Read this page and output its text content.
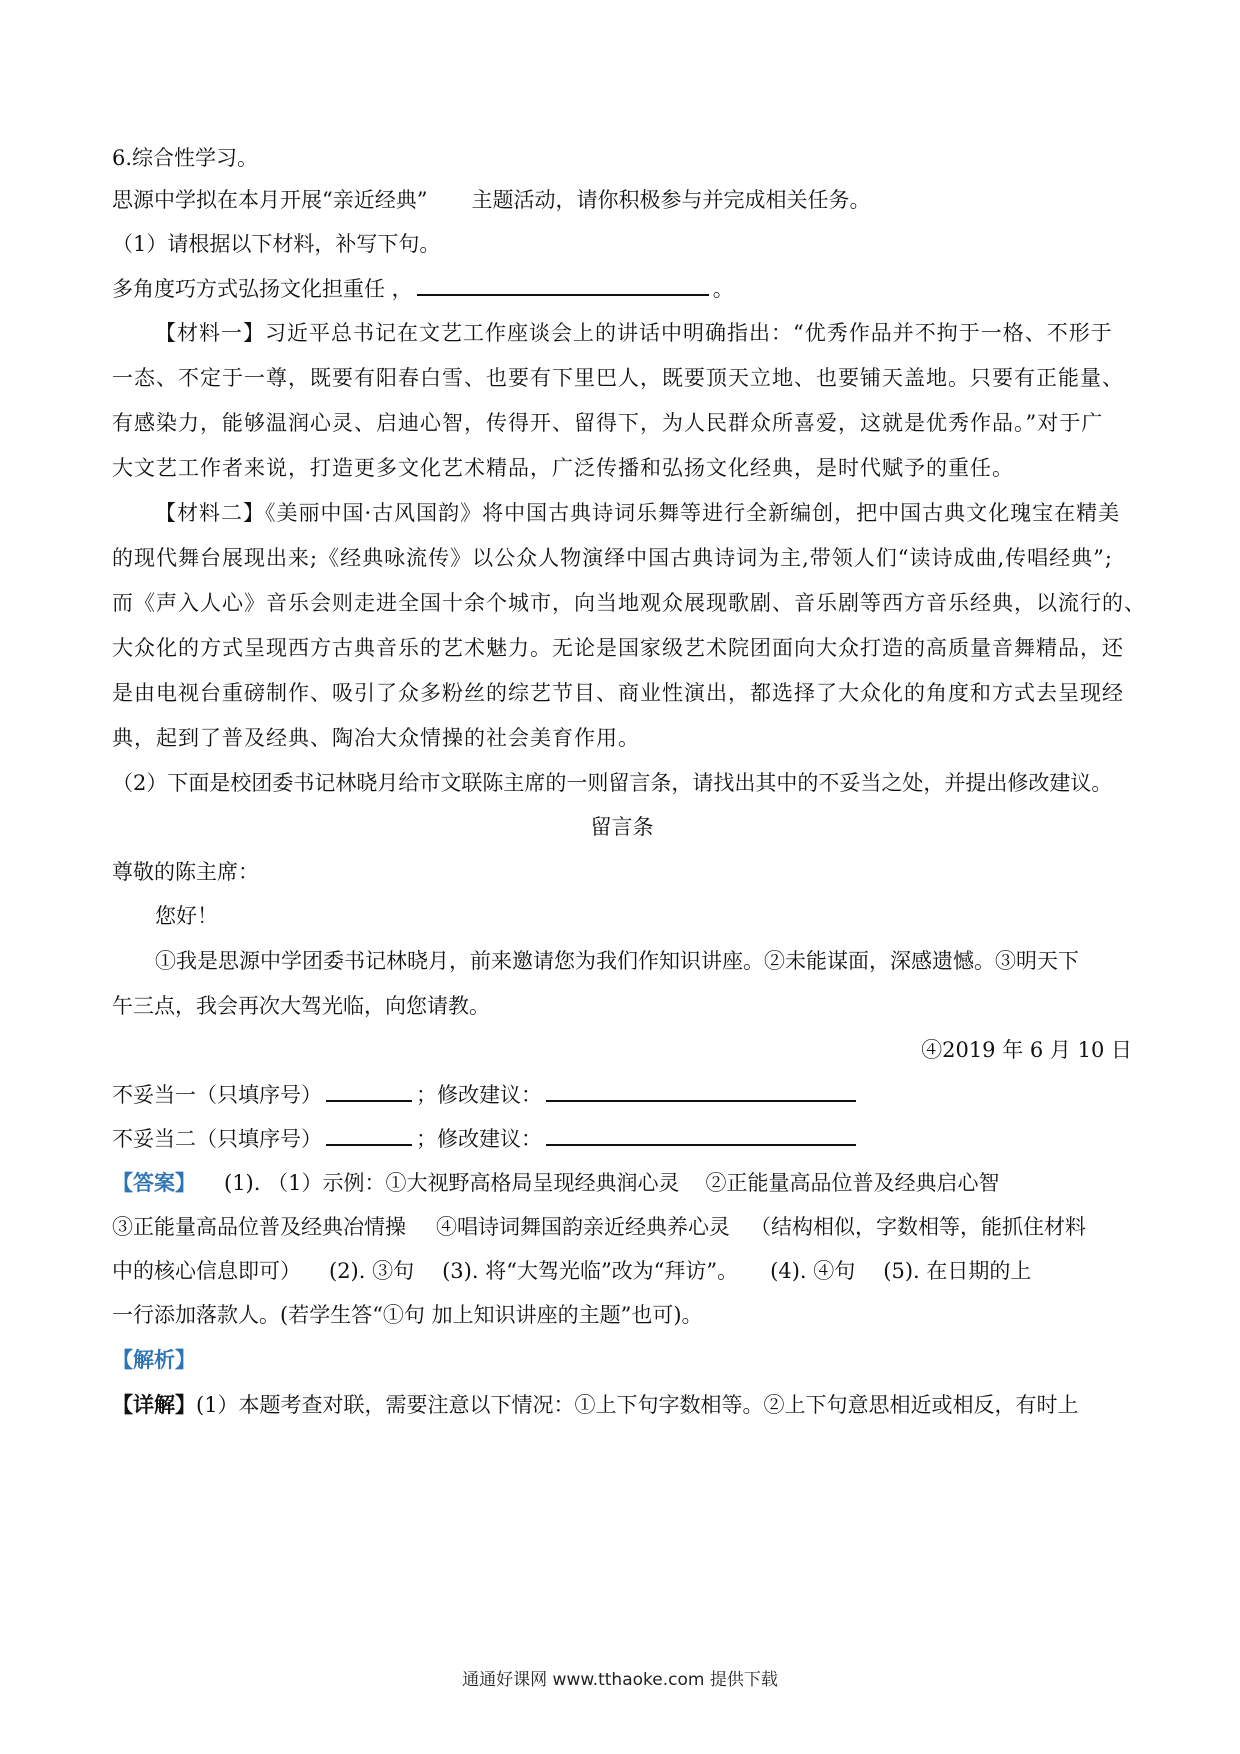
6.综合性学习。
思源中学拟在本月开展“亲近经典” 主题活动，请你积极参与并完成相关任务。
（1）请根据以下材料，补写下句。
多角度巧方式弘扬文化担重任 ，	。
【材料一】习近平总书记在文艺工作座谈会上的讲话中明确指出：“优秀作品并不拘于一格、不形于
一态、不定于一尊，既要有阳春白雪、也要有下里巴人，既要顶天立地、也要铺天盖地。只要有正能量、
有感染力，能够温润心灵、启迪心智，传得开、留得下，为人民群众所喜爱，这就是优秀作品。”对于广
大文艺工作者来说，打造更多文化艺术精品，广泛传播和弘扬文化经典，是时代赋予的重任。
【材料二】《美丽中国·古风国韵》将中国古典诗词乐舞等进行全新编创，把中国古典文化瑰宝在精美
的现代舞台展现出来;《经典咏流传》以公众人物演绎中国古典诗词为主,带领人们“读诗成曲,传唱经典”;
而《声入人心》音乐会则走进全国十余个城市，向当地观众展现歌剧、音乐剧等西方音乐经典，以流行的、
大众化的方式呈现西方古典音乐的艺术魅力。无论是国家级艺术院团面向大众打造的高质量音舞精品，还
是由电视台重磅制作、吸引了众多粉丝的综艺节目、商业性演出，都选择了大众化的角度和方式去呈现经
典，起到了普及经典、陶冶大众情操的社会美育作用。
（2）下面是校团委书记林晓月给市文联陈主席的一则留言条，请找出其中的不妥当之处，并提出修改建议。
留言条
尊敬的陈主席：
您好！
①我是思源中学团委书记林晓月，前来邀请您为我们作知识讲座。②未能谋面，深感遗憾。③明天下
午三点，我会再次大驾光临，向您请教。
④2019 年 6 月 10 日
不妥当一（只填序号）	；修改建议：
不妥当二（只填序号）	；修改建议：
【答案】 (1). （1）示例：①大视野高格局呈现经典润心灵 ②正能量高品位普及经典启心智
③正能量高品位普及经典冶情操 ④唱诗词舞国韵亲近经典养心灵 （结构相似，字数相等，能抓住材料
中的核心信息即可） (2). ③句 (3). 将“大驾光临”改为“拜访”。 (4). ④句 (5). 在日期的上
一行添加落款人。(若学生答“①句 加上知识讲座的主题”也可)。
【解析】
【详解】(1）本题考查对联，需要注意以下情况：①上下句字数相等。②上下句意思相近或相反，有时上
通通好课网 www.tthaoke.com 提供下载
